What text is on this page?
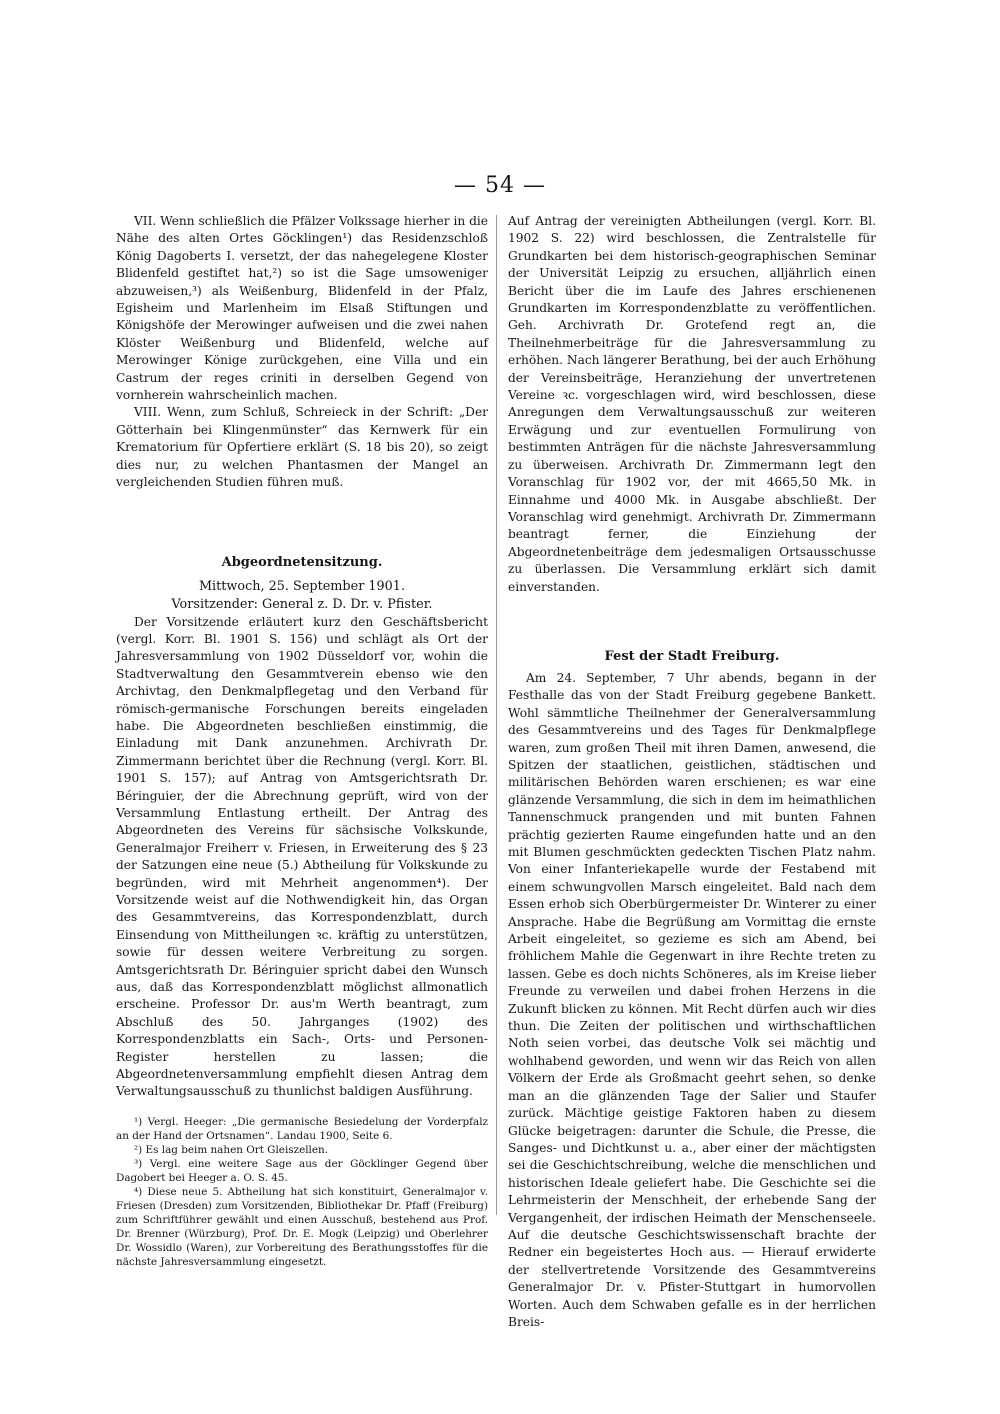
— 54 —

VII. Wenn schließlich die Pfälzer Volkssage hierher in die Nähe des alten Ortes Göcklingen¹) das Residenzschloß König Dagoberts I. versetzt, der das nahegelegene Kloster Blidenfeld gestiftet hat,²) so ist die Sage umsoweniger abzuweisen,³) als Weißenburg, Blidenfeld in der Pfalz, Egisheim und Marlenheim im Elsaß Stiftungen und Königshöfe der Merowinger aufweisen und die zwei nahen Klöster Weißenburg und Blidenfeld, welche auf Merowinger Könige zurückgehen, eine Villa und ein Castrum der reges criniti in derselben Gegend von vornherein wahrscheinlich machen.

VIII. Wenn, zum Schluß, Schreieck in der Schrift: „Der Götterhain bei Klingenmünster“ das Kernwerk für ein Krematorium für Opfertiere erklärt (S. 18 bis 20), so zeigt dies nur, zu welchen Phantasmen der Mangel an vergleichenden Studien führen muß.

Abgeordnetensitzung.
Mittwoch, 25. September 1901.
Vorsitzender: General z. D. Dr. v. Pfister.

Der Vorsitzende erläutert kurz den Geschäftsbericht (vergl. Korr. Bl. 1901 S. 156) und schlägt als Ort der Jahresversammlung von 1902 Düsseldorf vor, wohin die Stadtverwaltung den Gesammtverein ebenso wie den Archivtag, den Denkmalpflegetag und den Verband für römisch-germanische Forschungen bereits eingeladen habe. Die Abgeordneten beschließen einstimmig, die Einladung mit Dank anzunehmen. Archivrath Dr. Zimmermann berichtet über die Rechnung (vergl. Korr. Bl. 1901 S. 157); auf Antrag von Amtsgerichtsrath Dr. Béringuier, der die Abrechnung geprüft, wird von der Versammlung Entlastung ertheilt. Der Antrag des Abgeordneten des Vereins für sächsische Volkskunde, Generalmajor Freiherr v. Friesen, in Erweiterung des § 23 der Satzungen eine neue (5.) Abtheilung für Volkskunde zu begründen, wird mit Mehrheit angenommen⁴). Der Vorsitzende weist auf die Nothwendigkeit hin, das Organ des Gesammtvereins, das Korrespondenzblatt, durch Einsendung von Mittheilungen ꝛc. kräftig zu unterstützen, sowie für dessen weitere Verbreitung zu sorgen. Amtsgerichtsrath Dr. Béringuier spricht dabei den Wunsch aus, daß das Korrespondenzblatt möglichst allmonatlich erscheine. Professor Dr. aus'm Werth beantragt, zum Abschluß des 50. Jahrganges (1902) des Korrespondenzblatts ein Sach-, Orts- und Personen-Register herstellen zu lassen; die Abgeordnetenversammlung empfiehlt diesen Antrag dem Verwaltungsausschuß zu thunlichst baldigen Ausführung.

¹) Vergl. Heeger: „Die germanische Besiedelung der Vorderpfalz an der Hand der Ortsnamen“. Landau 1900, Seite 6.

²) Es lag beim nahen Ort Gleiszellen.

³) Vergl. eine weitere Sage aus der Göcklinger Gegend über Dagobert bei Heeger a. O. S. 45.

⁴) Diese neue 5. Abtheilung hat sich konstituirt, Generalmajor v. Friesen (Dresden) zum Vorsitzenden, Bibliothekar Dr. Pfaff (Freiburg) zum Schriftführer gewählt und einen Ausschuß, bestehend aus Prof. Dr. Brenner (Würzburg), Prof. Dr. E. Mogk (Leipzig) und Oberlehrer Dr. Wossidlo (Waren), zur Vorbereitung des Berathungsstoffes für die nächste Jahresversammlung eingesetzt.

Auf Antrag der vereinigten Abtheilungen (vergl. Korr. Bl. 1902 S. 22) wird beschlossen, die Zentralstelle für Grundkarten bei dem historisch-geographischen Seminar der Universität Leipzig zu ersuchen, alljährlich einen Bericht über die im Laufe des Jahres erschienenen Grundkarten im Korrespondenzblatte zu veröffentlichen. Geh. Archivrath Dr. Grotefend regt an, die Theilnehmerbeiträge für die Jahresversammlung zu erhöhen. Nach längerer Berathung, bei der auch Erhöhung der Vereinsbeiträge, Heranziehung der unvertretenen Vereine ꝛc. vorgeschlagen wird, wird beschlossen, diese Anregungen dem Verwaltungsausschuß zur weiteren Erwägung und zur eventuellen Formulirung von bestimmten Anträgen für die nächste Jahresversammlung zu überweisen. Archivrath Dr. Zimmermann legt den Voranschlag für 1902 vor, der mit 4665,50 Mk. in Einnahme und 4000 Mk. in Ausgabe abschließt. Der Voranschlag wird genehmigt. Archivrath Dr. Zimmermann beantragt ferner, die Einziehung der Abgeordnetenbeiträge dem jedesmaligen Ortsausschusse zu überlassen. Die Versammlung erklärt sich damit einverstanden.

Fest der Stadt Freiburg.

Am 24. September, 7 Uhr abends, begann in der Festhalle das von der Stadt Freiburg gegebene Bankett. Wohl sämmtliche Theilnehmer der Generalversammlung des Gesammtvereins und des Tages für Denkmalpflege waren, zum großen Theil mit ihren Damen, anwesend, die Spitzen der staatlichen, geistlichen, städtischen und militärischen Behörden waren erschienen; es war eine glänzende Versammlung, die sich in dem im heimathlichen Tannenschmuck prangenden und mit bunten Fahnen prächtig gezierten Raume eingefunden hatte und an den mit Blumen geschmückten gedeckten Tischen Platz nahm. Von einer Infanteriekapelle wurde der Festabend mit einem schwungvollen Marsch eingeleitet. Bald nach dem Essen erhob sich Oberbürgermeister Dr. Winterer zu einer Ansprache. Habe die Begrüßung am Vormittag die ernste Arbeit eingeleitet, so gezieme es sich am Abend, bei fröhlichem Mahle die Gegenwart in ihre Rechte treten zu lassen. Gebe es doch nichts Schöneres, als im Kreise lieber Freunde zu verweilen und dabei frohen Herzens in die Zukunft blicken zu können. Mit Recht dürfen auch wir dies thun. Die Zeiten der politischen und wirthschaftlichen Noth seien vorbei, das deutsche Volk sei mächtig und wohlhabend geworden, und wenn wir das Reich von allen Völkern der Erde als Großmacht geehrt sehen, so denke man an die glänzenden Tage der Salier und Staufer zurück. Mächtige geistige Faktoren haben zu diesem Glücke beigetragen: darunter die Schule, die Presse, die Sanges- und Dichtkunst u. a., aber einer der mächtigsten sei die Geschichtschreibung, welche die menschlichen und historischen Ideale geliefert habe. Die Geschichte sei die Lehrmeisterin der Menschheit, der erhebende Sang der Vergangenheit, der irdischen Heimath der Menschenseele. Auf die deutsche Geschichtswissenschaft brachte der Redner ein begeistertes Hoch aus. — Hierauf erwiderte der stellvertretende Vorsitzende des Gesammtvereins Generalmajor Dr. v. Pfister-Stuttgart in humorvollen Worten. Auch dem Schwaben gefalle es in der herrlichen Breis-
